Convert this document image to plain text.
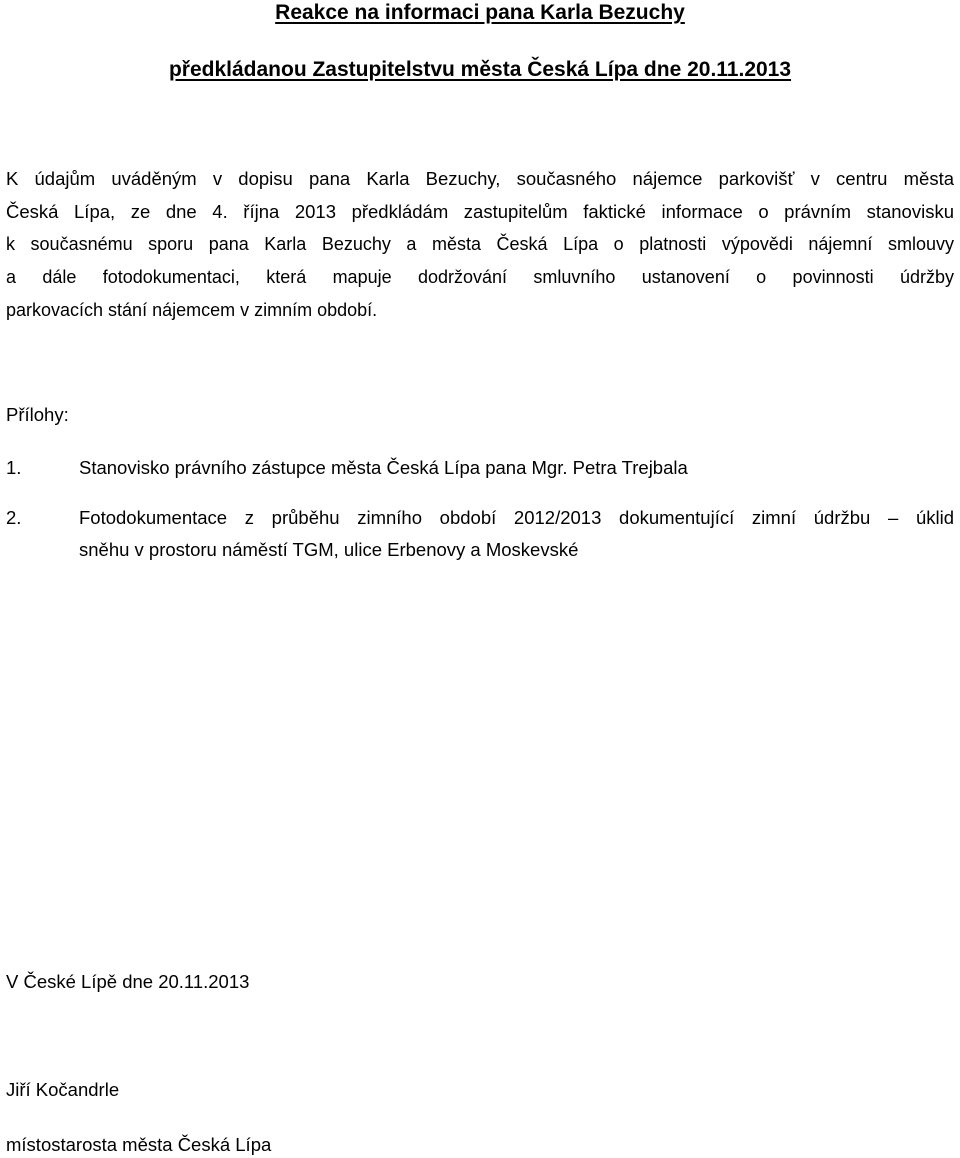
Reakce na informaci pana Karla Bezuchy
předkládanou Zastupitelstvu města Česká Lípa dne 20.11.2013
K údajům uváděným v dopisu pana Karla Bezuchy, současného nájemce parkovišť v centru města
Česká Lípa, ze dne 4. října 2013 předkládám zastupitelům faktické informace o právním stanovisku
k současnému sporu pana Karla Bezuchy a města Česká Lípa o platnosti výpovědi nájemní smlouvy
a dále fotodokumentaci, která mapuje dodržování smluvního ustanovení o povinnosti údržby
parkovacích stání nájemcem v zimním období.
Přílohy:
1.	Stanovisko právního zástupce města Česká Lípa pana Mgr. Petra Trejbala
2.	Fotodokumentace z průběhu zimního období 2012/2013 dokumentující zimní údržbu – úklid
sněhu v prostoru náměstí TGM, ulice Erbenovy a Moskevské
V České Lípě dne 20.11.2013
Jiří Kočandrle
místostarosta města Česká Lípa
